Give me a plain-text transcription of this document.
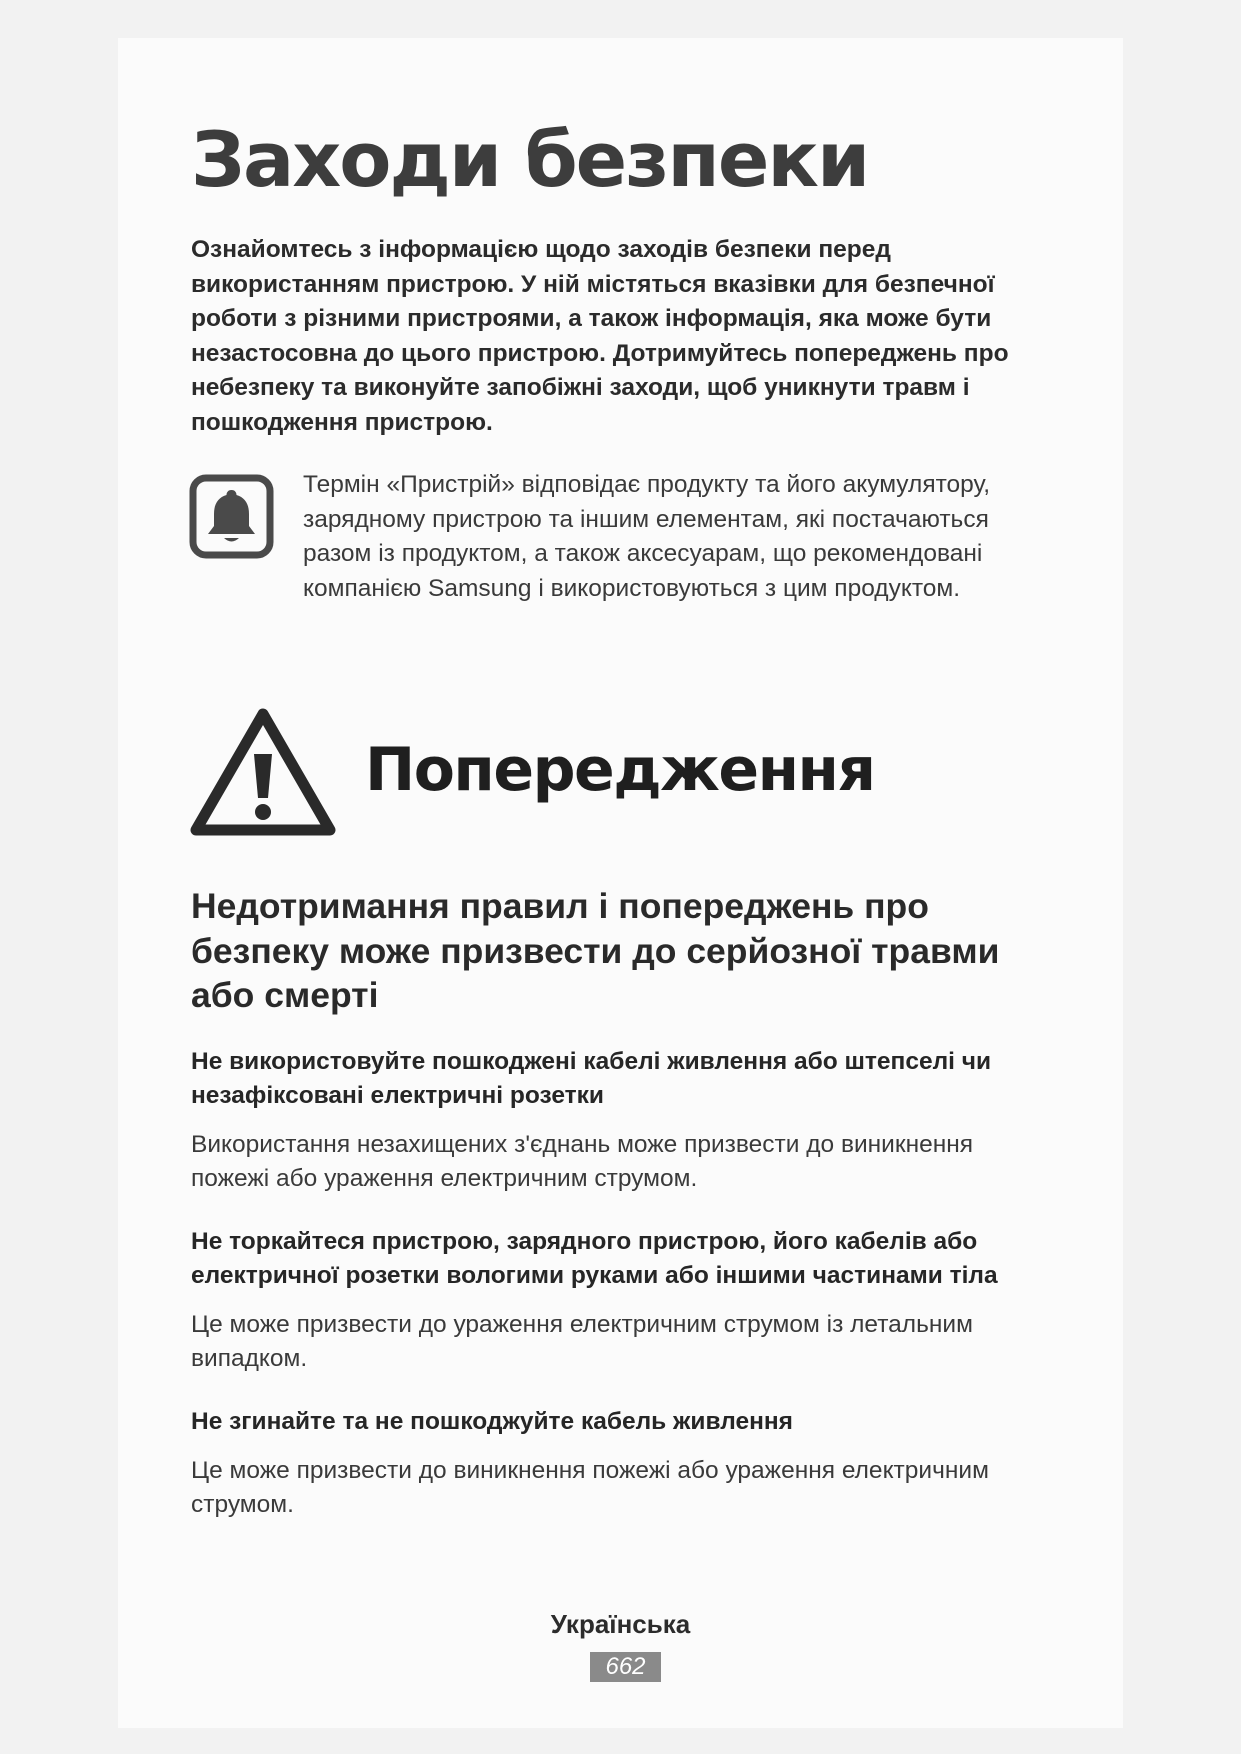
Заходи безпеки

Ознайомтесь з інформацією щодо заходів безпеки перед використанням пристрою. У ній містяться вказівки для безпечної роботи з різними пристроями, а також інформація, яка може бути незастосовна до цього пристрою. Дотримуйтесь попереджень про небезпеку та виконуйте запобіжні заходи, щоб уникнути травм і пошкодження пристрою.

Термін «Пристрій» відповідає продукту та його акумулятору, зарядному пристрою та іншим елементам, які постачаються разом із продуктом, а також аксесуарам, що рекомендовані компанією Samsung і використовуються з цим продуктом.

Попередження
Недотримання правил і попереджень про безпеку може призвести до серйозної травми або смерті
Не використовуйте пошкоджені кабелі живлення або штепселі чи незафіксовані електричні розетки

Використання незахищених з'єднань може призвести до виникнення пожежі або ураження електричним струмом.

Не торкайтеся пристрою, зарядного пристрою, його кабелів або електричної розетки вологими руками або іншими частинами тіла

Це може призвести до ураження електричним струмом із летальним випадком.

Не згинайте та не пошкоджуйте кабель живлення

Це може призвести до виникнення пожежі або ураження електричним струмом.

Українська

662
